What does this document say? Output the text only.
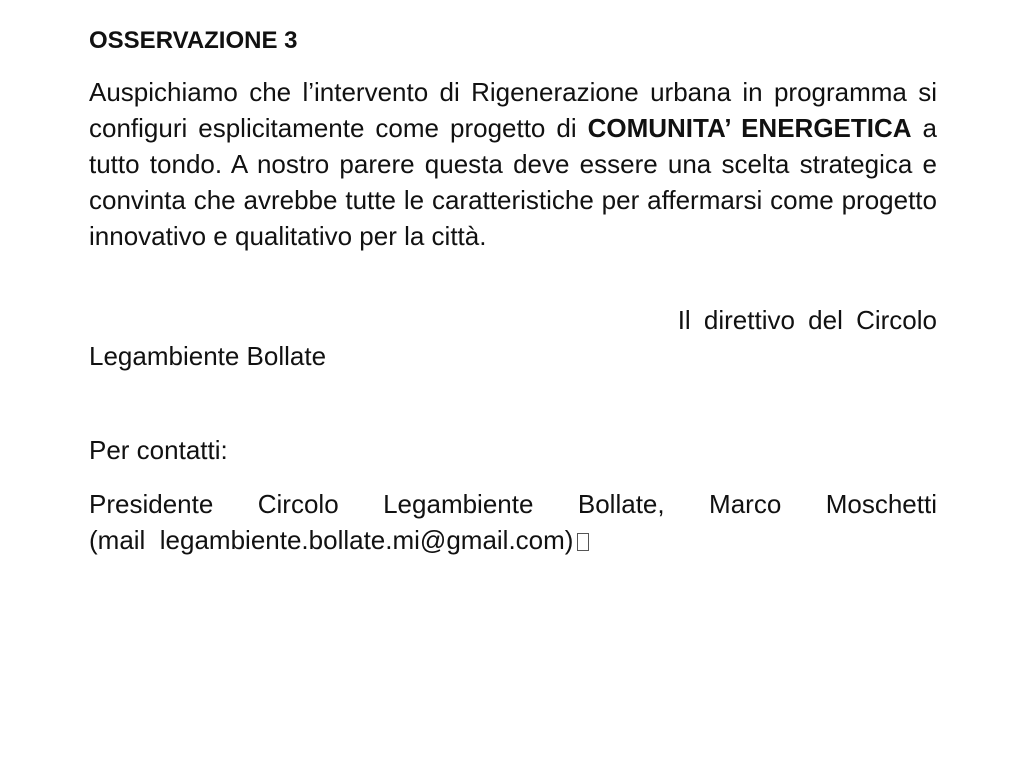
OSSERVAZIONE 3

Auspichiamo che l’intervento di Rigenerazione urbana in programma si configuri esplicitamente come progetto di COMUNITA’ ENERGETICA a tutto tondo. A nostro parere questa deve essere una scelta strategica e convinta che avrebbe tutte le caratteristiche per affermarsi come progetto innovativo e qualitativo per la città.

Il direttivo del Circolo
Legambiente Bollate
Per contatti:
Presidente Circolo Legambiente Bollate, Marco Moschetti
(mail  legambiente.bollate.mi@gmail.com)
